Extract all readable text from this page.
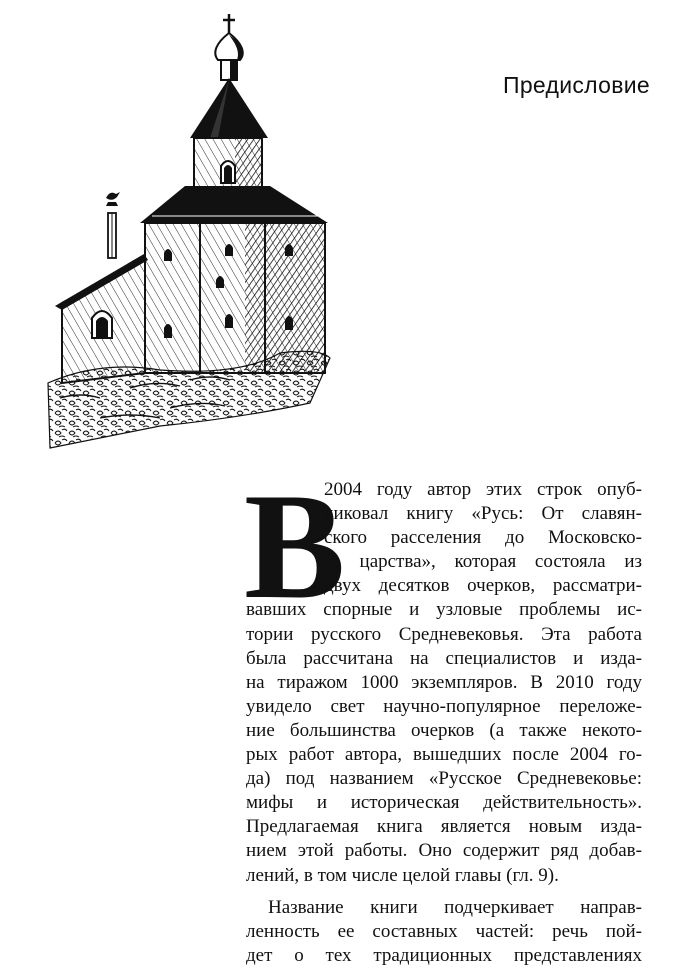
Предисловие
В
2004 году автор этих строк опуб-
ликовал книгу «Русь: От славян-
ского расселения до Московско-
го царства», которая состояла из
двух десятков очерков, рассматри-
вавших спорные и узловые проблемы ис-
тории русского Средневековья. Эта работа
была рассчитана на специалистов и изда-
на тиражом 1000 экземпляров. В 2010 году
увидело свет научно-популярное переложе-
ние большинства очерков (а также некото-
рых работ автора, вышедших после 2004 го-
да) под названием «Русское Средневековье:
мифы и историческая действительность».
Предлагаемая книга является новым изда-
нием этой работы. Оно содержит ряд добав-
лений, в том числе целой главы (гл. 9).
Название книги подчеркивает направ-
ленность ее составных частей: речь пой-
дет о тех традиционных представлениях
